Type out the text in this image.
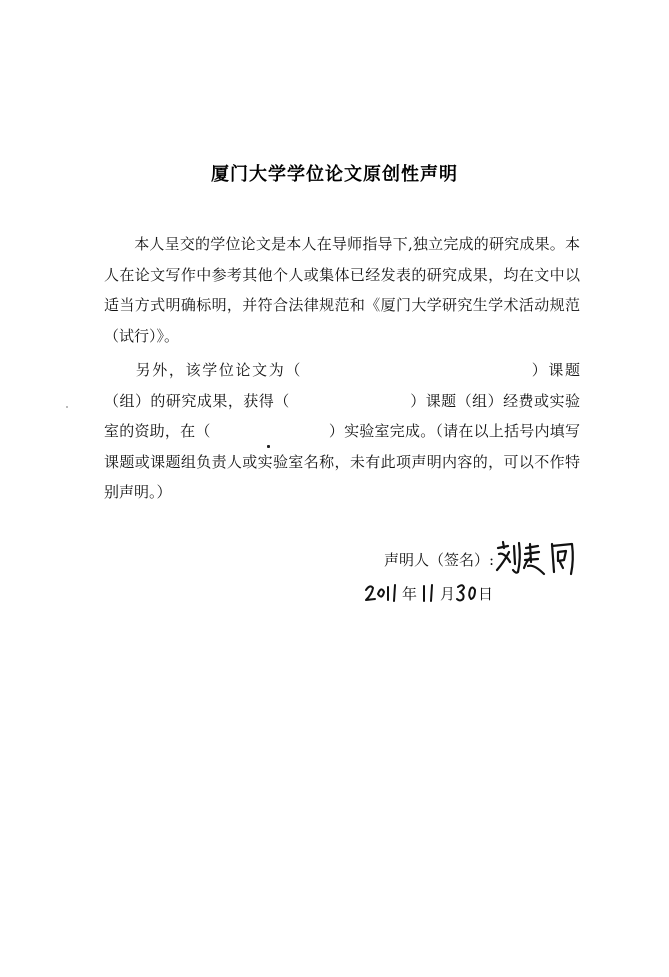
厦门大学学位论文原创性声明

本人呈交的学位论文是本人在导师指导下,独立完成的研究成果。本人在论文写作中参考其他个人或集体已经发表的研究成果，均在文中以适当方式明确标明，并符合法律规范和《厦门大学研究生学术活动规范（试行）》。

另外，该学位论文为（	）课题（组）的研究成果，获得（	）课题（组）经费或实验室的资助，在（	）实验室完成。（请在以上括号内填写课题或课题组负责人或实验室名称，未有此项声明内容的，可以不作特别声明。）

声明人（签名）:
年 月 日
